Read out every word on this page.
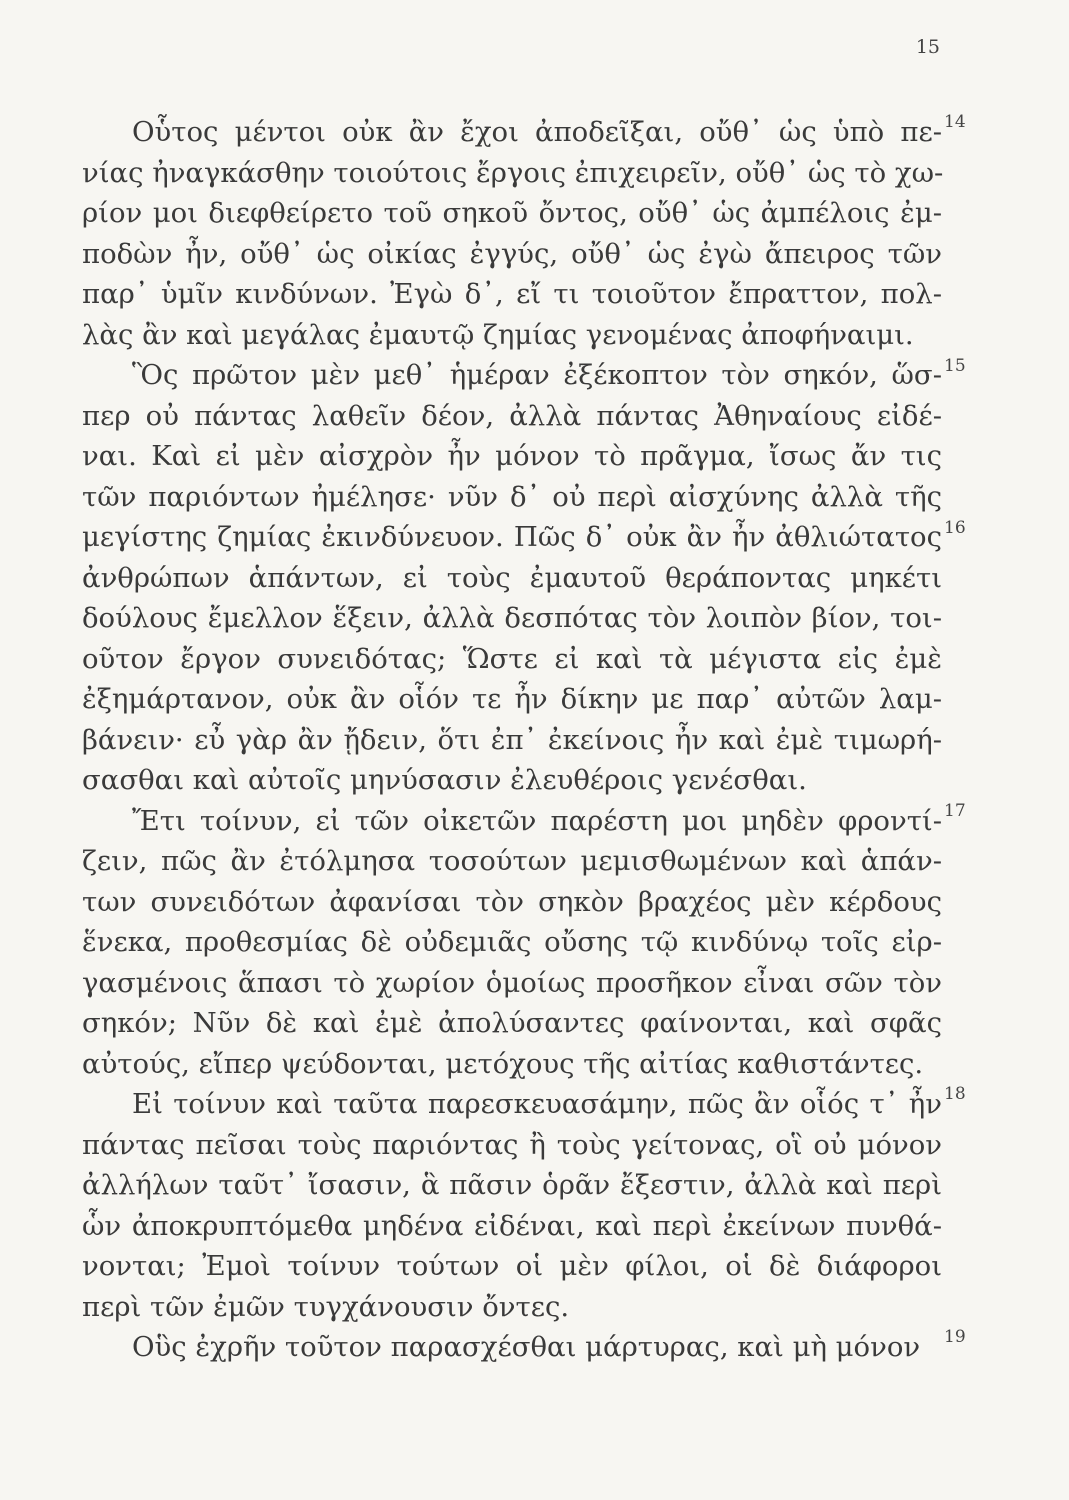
15
Οὗτος μέντοι οὐκ ἂν ἔχοι ἀποδεῖξαι, οὔθ᾽ ὡς ὑπὸ πε-
νίας ἠναγκάσθην τοιούτοις ἔργοις ἐπιχειρεῖν, οὔθ᾽ ὡς τὸ χω-
ρίον μοι διεφθείρετο τοῦ σηκοῦ ὄντος, οὔθ᾽ ὡς ἀμπέλοις ἐμ-
ποδὼν ἦν, οὔθ᾽ ὡς οἰκίας ἐγγύς, οὔθ᾽ ὡς ἐγὼ ἄπειρος τῶν
παρ᾽ ὑμῖν κινδύνων. Ἐγὼ δ᾽, εἴ τι τοιοῦτον ἔπραττον, πολ-
λὰς ἂν καὶ μεγάλας ἐμαυτῷ ζημίας γενομένας ἀποφήναιμι.
Ὃς πρῶτον μὲν μεθ᾽ ἡμέραν ἐξέκοπτον τὸν σηκόν, ὥσ-
περ οὐ πάντας λαθεῖν δέον, ἀλλὰ πάντας Ἀθηναίους εἰδέ-
ναι. Καὶ εἰ μὲν αἰσχρὸν ἦν μόνον τὸ πρᾶγμα, ἴσως ἄν τις
τῶν παριόντων ἠμέλησε· νῦν δ᾽ οὐ περὶ αἰσχύνης ἀλλὰ τῆς
μεγίστης ζημίας ἐκινδύνευον. Πῶς δ᾽ οὐκ ἂν ἦν ἀθλιώτατος
ἀνθρώπων ἁπάντων, εἰ τοὺς ἐμαυτοῦ θεράποντας μηκέτι
δούλους ἔμελλον ἕξειν, ἀλλὰ δεσπότας τὸν λοιπὸν βίον, τοι-
οῦτον ἔργον συνειδότας; Ὥστε εἰ καὶ τὰ μέγιστα εἰς ἐμὲ
ἐξημάρτανον, οὐκ ἂν οἷόν τε ἦν δίκην με παρ᾽ αὐτῶν λαμ-
βάνειν· εὖ γὰρ ἂν ᾔδειν, ὅτι ἐπ᾽ ἐκείνοις ἦν καὶ ἐμὲ τιμωρή-
σασθαι καὶ αὐτοῖς μηνύσασιν ἐλευθέροις γενέσθαι.
Ἔτι τοίνυν, εἰ τῶν οἰκετῶν παρέστη μοι μηδὲν φροντί-
ζειν, πῶς ἂν ἐτόλμησα τοσούτων μεμισθωμένων καὶ ἁπάν-
των συνειδότων ἀφανίσαι τὸν σηκὸν βραχέος μὲν κέρδους
ἕνεκα, προθεσμίας δὲ οὐδεμιᾶς οὔσης τῷ κινδύνῳ τοῖς εἰρ-
γασμένοις ἅπασι τὸ χωρίον ὁμοίως προσῆκον εἶναι σῶν τὸν
σηκόν; Νῦν δὲ καὶ ἐμὲ ἀπολύσαντες φαίνονται, καὶ σφᾶς
αὐτούς, εἴπερ ψεύδονται, μετόχους τῆς αἰτίας καθιστάντες.
Εἰ τοίνυν καὶ ταῦτα παρεσκευασάμην, πῶς ἂν οἷός τ᾽ ἦν
πάντας πεῖσαι τοὺς παριόντας ἢ τοὺς γείτονας, οἳ οὐ μόνον
ἀλλήλων ταῦτ᾽ ἴσασιν, ἃ πᾶσιν ὁρᾶν ἔξεστιν, ἀλλὰ καὶ περὶ
ὧν ἀποκρυπτόμεθα μηδένα εἰδέναι, καὶ περὶ ἐκείνων πυνθά-
νονται; Ἐμοὶ τοίνυν τούτων οἱ μὲν φίλοι, οἱ δὲ διάφοροι
περὶ τῶν ἐμῶν τυγχάνουσιν ὄντες.
Οὓς ἐχρῆν τοῦτον παρασχέσθαι μάρτυρας, καὶ μὴ μόνον
14
15
16
17
18
19
